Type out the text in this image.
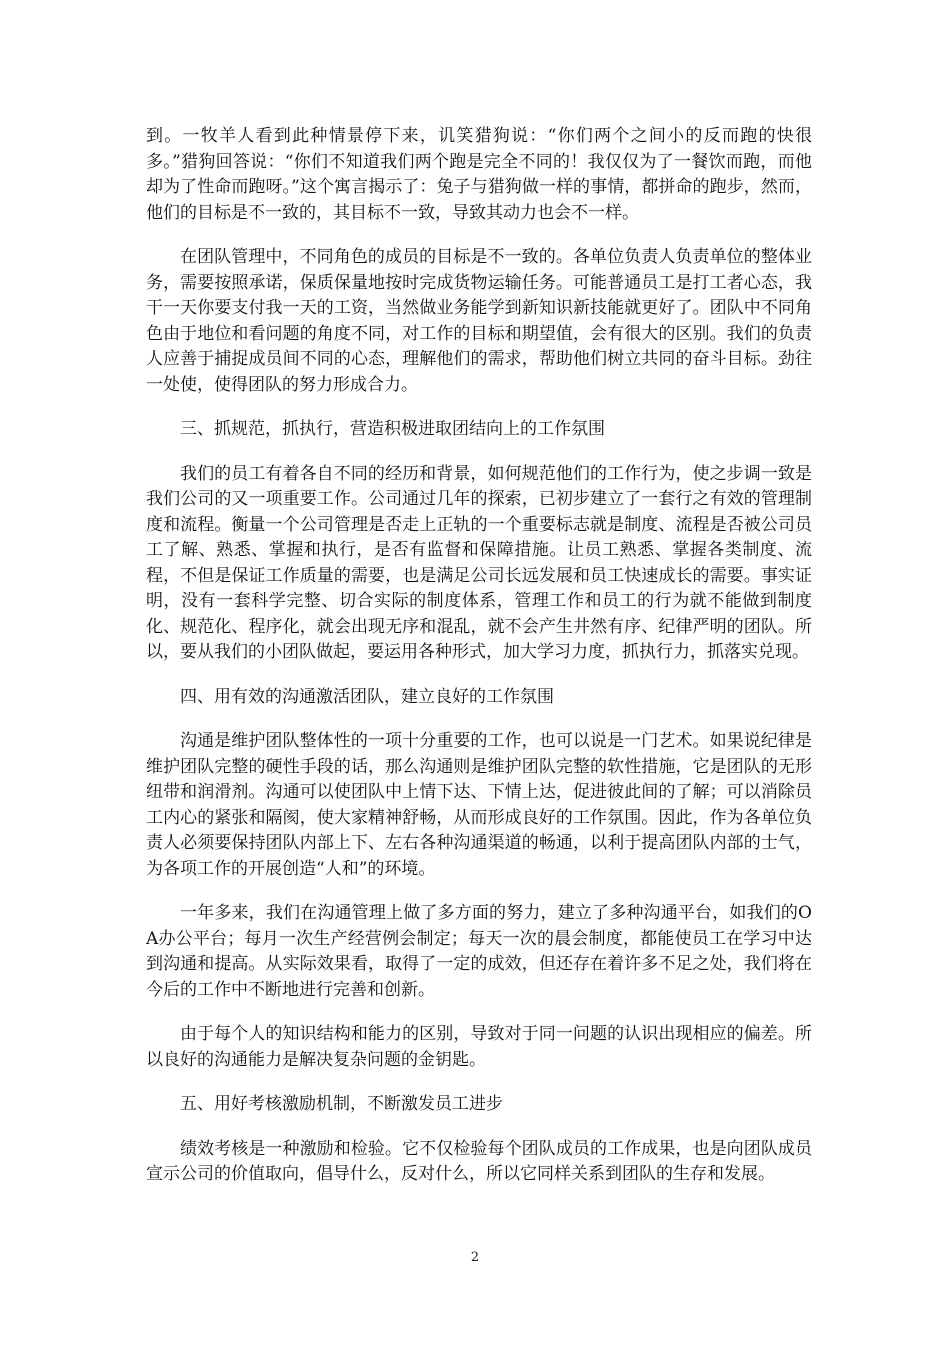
到。一牧羊人看到此种情景停下来，讥笑猎狗说：“你们两个之间小的反而跑的快很多。”猎狗回答说：“你们不知道我们两个跑是完全不同的！我仅仅为了一餐饮而跑，而他却为了性命而跑呀。”这个寓言揭示了：兔子与猎狗做一样的事情，都拼命的跑步，然而，他们的目标是不一致的，其目标不一致，导致其动力也会不一样。

在团队管理中，不同角色的成员的目标是不一致的。各单位负责人负责单位的整体业务，需要按照承诺，保质保量地按时完成货物运输任务。可能普通员工是打工者心态，我干一天你要支付我一天的工资，当然做业务能学到新知识新技能就更好了。团队中不同角色由于地位和看问题的角度不同，对工作的目标和期望值，会有很大的区别。我们的负责人应善于捕捉成员间不同的心态，理解他们的需求，帮助他们树立共同的奋斗目标。劲往一处使，使得团队的努力形成合力。

三、抓规范，抓执行，营造积极进取团结向上的工作氛围

我们的员工有着各自不同的经历和背景，如何规范他们的工作行为，使之步调一致是我们公司的又一项重要工作。公司通过几年的探索，已初步建立了一套行之有效的管理制度和流程。衡量一个公司管理是否走上正轨的一个重要标志就是制度、流程是否被公司员工了解、熟悉、掌握和执行，是否有监督和保障措施。让员工熟悉、掌握各类制度、流程，不但是保证工作质量的需要，也是满足公司长远发展和员工快速成长的需要。事实证明，没有一套科学完整、切合实际的制度体系，管理工作和员工的行为就不能做到制度化、规范化、程序化，就会出现无序和混乱，就不会产生井然有序、纪律严明的团队。所以，要从我们的小团队做起，要运用各种形式，加大学习力度，抓执行力，抓落实兑现。

四、用有效的沟通激活团队，建立良好的工作氛围

沟通是维护团队整体性的一项十分重要的工作，也可以说是一门艺术。如果说纪律是维护团队完整的硬性手段的话，那么沟通则是维护团队完整的软性措施，它是团队的无形纽带和润滑剂。沟通可以使团队中上情下达、下情上达，促进彼此间的了解；可以消除员工内心的紧张和隔阂，使大家精神舒畅，从而形成良好的工作氛围。因此，作为各单位负责人必须要保持团队内部上下、左右各种沟通渠道的畅通，以利于提高团队内部的士气，为各项工作的开展创造“人和”的环境。

一年多来，我们在沟通管理上做了多方面的努力，建立了多种沟通平台，如我们的OA办公平台；每月一次生产经营例会制定；每天一次的晨会制度，都能使员工在学习中达到沟通和提高。从实际效果看，取得了一定的成效，但还存在着许多不足之处，我们将在今后的工作中不断地进行完善和创新。

由于每个人的知识结构和能力的区别，导致对于同一问题的认识出现相应的偏差。所以良好的沟通能力是解决复杂问题的金钥匙。

五、用好考核激励机制，不断激发员工进步

绩效考核是一种激励和检验。它不仅检验每个团队成员的工作成果，也是向团队成员宣示公司的价值取向，倡导什么，反对什么，所以它同样关系到团队的生存和发展。

2
